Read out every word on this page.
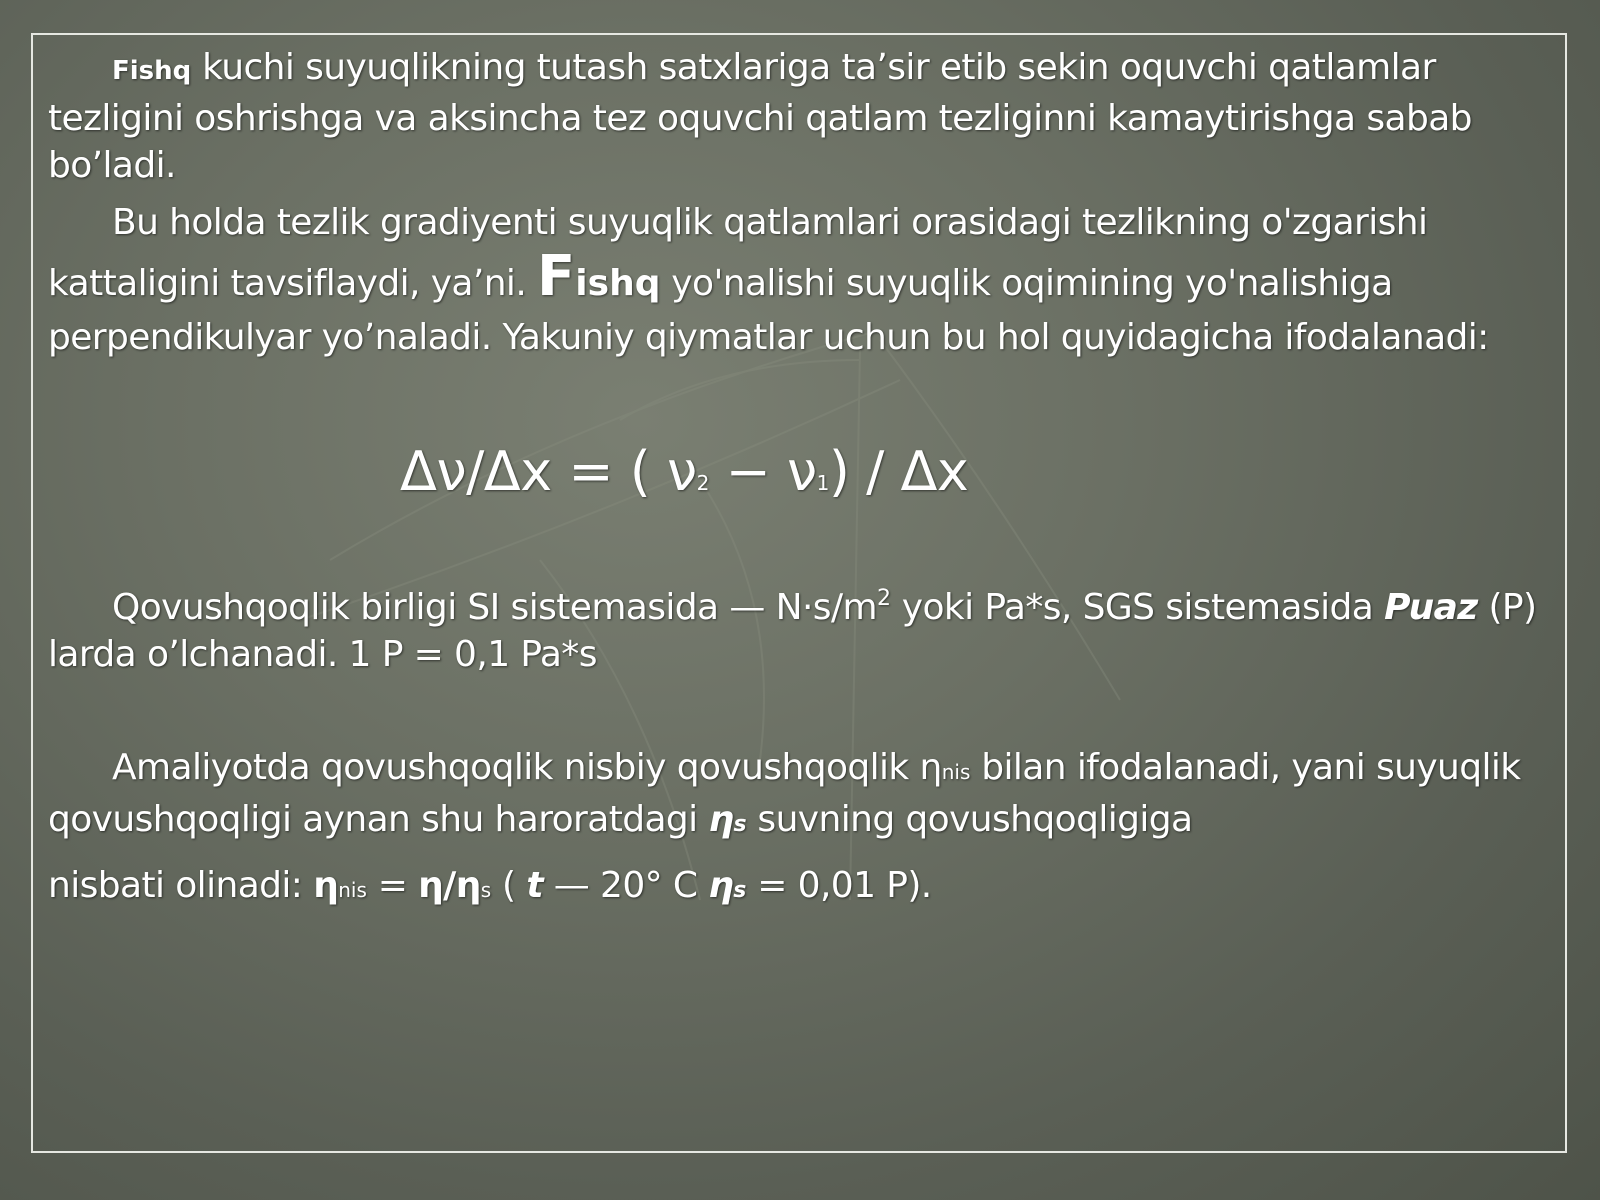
Fishq kuchi suyuqlikning tutash satxlariga ta’sir etib sekin oquvchi qatlamlar tezligini oshrishga va aksincha tez oquvchi qatlam tezliginni kamaytirishga sabab bo’ladi.
Bu holda tezlik gradiyenti suyuqlik qatlamlari orasidagi tezlikning o'zgarishi kattaligini tavsiflaydi, ya’ni. Fishq yo'nalishi suyuqlik oqimining yo'nalishiga perpendikulyar yo’naladi. Yakuniy qiymatlar uchun bu hol quyidagicha ifodalanadi:
Δν/Δx = ( ν2 − ν1) / Δx
Qovushqoqlik birligi SI sistemasida — $N\cdot s/m^2$ yoki Pa*s, SGS sistemasida Puaz (P) larda o’lchanadi. 1 P = 0,1 Pa*s
Amaliyotda qovushqoqlik nisbiy qovushqoqlik ηnis bilan ifodalanadi, yani suyuqlik qovushqoqligi aynan shu haroratdagi ηs suvning qovushqoqligiga
nisbati olinadi: ηnis = η/ηs ( t — 20° C ηs = 0,01 P).
